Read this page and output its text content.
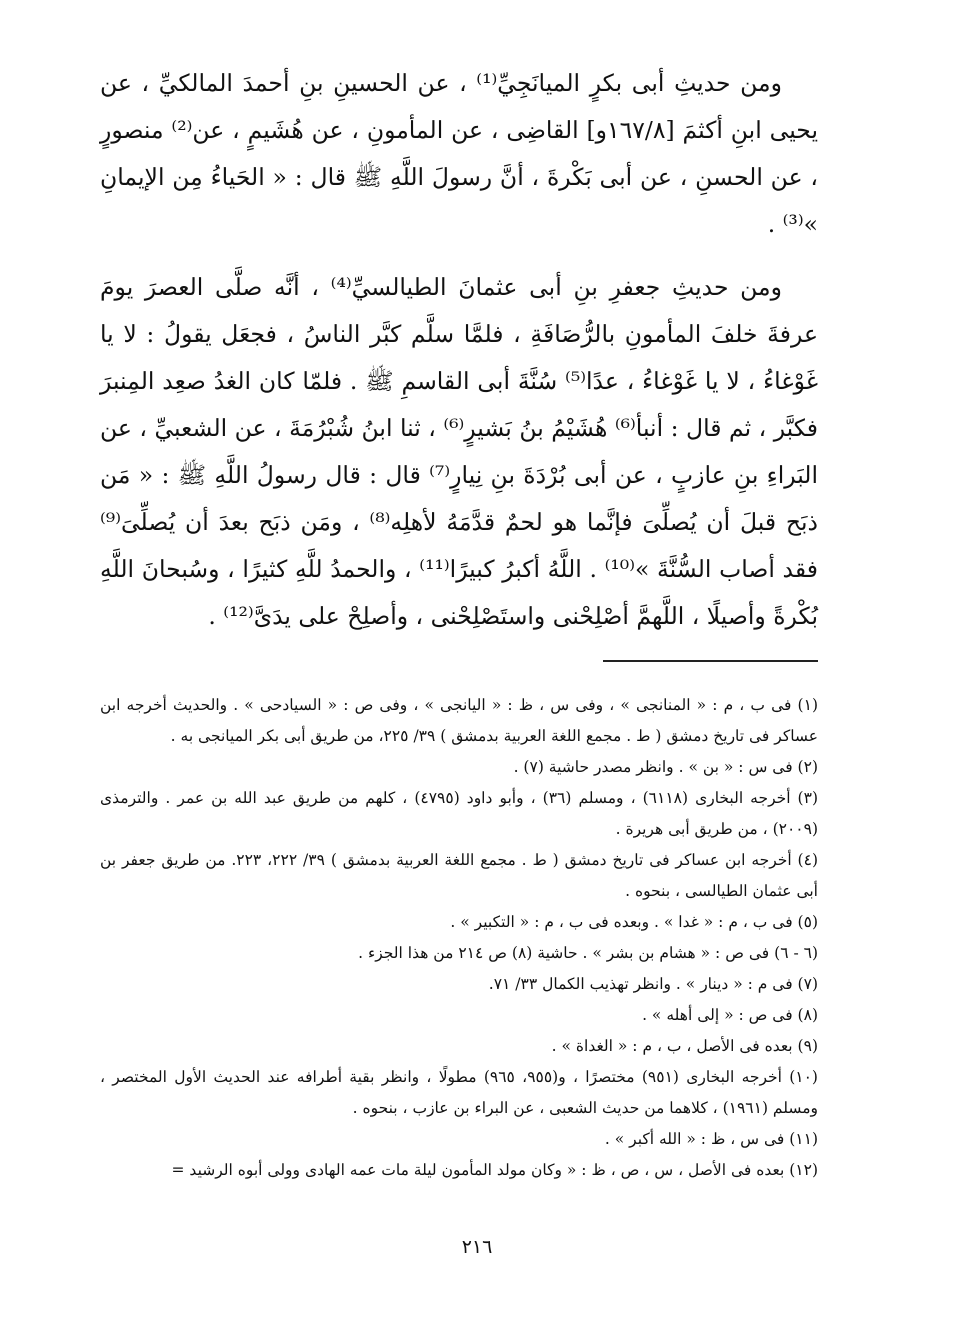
ومن حديثِ أبى بكرٍ الميانَجِيِّ⁽¹⁾ ، عن الحسينِ بنِ أحمدَ المالكيِّ ، عن يحيى ابنِ أكثمَ [١٦٧/٨و] القاضِى ، عن المأمونِ ، عن هُشَيمٍ ، عن⁽²⁾ منصورٍ ، عن الحسنِ ، عن أبى بَكْرةَ ، أنَّ رسولَ اللَّهِ ﷺ قال : « الحَياءُ مِن الإيمانِ »⁽³⁾ .

ومن حديثِ جعفرِ بنِ أبى عثمانَ الطيالسيِّ⁽⁴⁾ ، أنَّه صلَّى العصرَ يومَ عرفةَ خلفَ المأمونِ بالرُّصَافَةِ ، فلمَّا سلَّم كبَّر الناسُ ، فجعَل يقولُ : لا يا غَوْغاءُ ، لا يا غَوْغاءُ ، عدًا⁽⁵⁾ سُنَّةَ أبى القاسمِ ﷺ . فلمّا كان الغدُ صعِد المِنبرَ فكبَّر ، ثم قال : أنبأ⁽⁶⁾ هُشَيْمُ بنُ بَشيرٍ⁽⁶⁾ ، ثنا ابنُ شُبْرُمَةَ ، عن الشعبيِّ ، عن البَراءِ بنِ عازبٍ ، عن أبى بُرْدَةَ بنِ نِيارٍ⁽⁷⁾ قال : قال رسولُ اللَّهِ ﷺ : « مَن ذبَح قبلَ أن يُصلِّىَ فإنَّما هو لحمٌ قدَّمَهُ لأهلِه⁽⁸⁾ ، ومَن ذبَح بعدَ أن يُصلِّىَ⁽⁹⁾ فقد أصاب السُّنَّةَ »⁽¹⁰⁾ . اللَّهُ أكبرُ كبيرًا⁽¹¹⁾ ، والحمدُ للَّهِ كثيرًا ، وسُبحانَ اللَّهِ بُكْرةً وأصيلًا ، اللَّهمَّ أصْلِحْنى واستَصْلِحْنى ، وأصلِحْ على يدَىَّ⁽¹²⁾ .

(١) فى ب ، م : « المنانجى » ، وفى س ، ظ : « اليانجى » ، وفى ص : « السيادحى » . والحديث أخرجه ابن عساكر فى تاريخ دمشق ( ط . مجمع اللغة العربية بدمشق ) ٣٩/ ٢٢٥، من طريق أبى بكر الميانجى به .

(٢) فى س : « بن » . وانظر مصدر حاشية (٧) .

(٣) أخرجه البخارى (٦١١٨) ، ومسلم (٣٦) ، وأبو داود (٤٧٩٥) ، كلهم من طريق عبد الله بن عمر . والترمذى (٢٠٠٩) ، من طريق أبى هريرة .

(٤) أخرجه ابن عساكر فى تاريخ دمشق ( ط . مجمع اللغة العربية بدمشق ) ٣٩/ ٢٢٢، ٢٢٣. من طريق جعفر بن أبى عثمان الطيالسى ، بنحوه .

(٥) فى ب ، م : « غدا » . وبعده فى ب ، م : « التكبير » .

(٦ - ٦) فى ص : « هشام بن بشر » . حاشية (٨) ص ٢١٤ من هذا الجزء .

(٧) فى م : « دينار » . وانظر تهذيب الكمال ٣٣/ ٧١.

(٨) فى ص : « إلى أهله » .

(٩) بعده فى الأصل ، ب ، م : « الغداة » .

(١٠) أخرجه البخارى (٩٥١) مختصرًا ، و(٩٥٥، ٩٦٥) مطولًا ، وانظر بقية أطرافه عند الحديث الأول المختصر ، ومسلم (١٩٦١) ، كلاهما من حديث الشعبى ، عن البراء بن عازب ، بنحوه .

(١١) فى س ، ظ : « الله أكبر » .

(١٢) بعده فى الأصل ، س ، ص ، ظ : « وكان مولد المأمون ليلة مات عمه الهادى وولى أبوه الرشيد =

٢١٦
